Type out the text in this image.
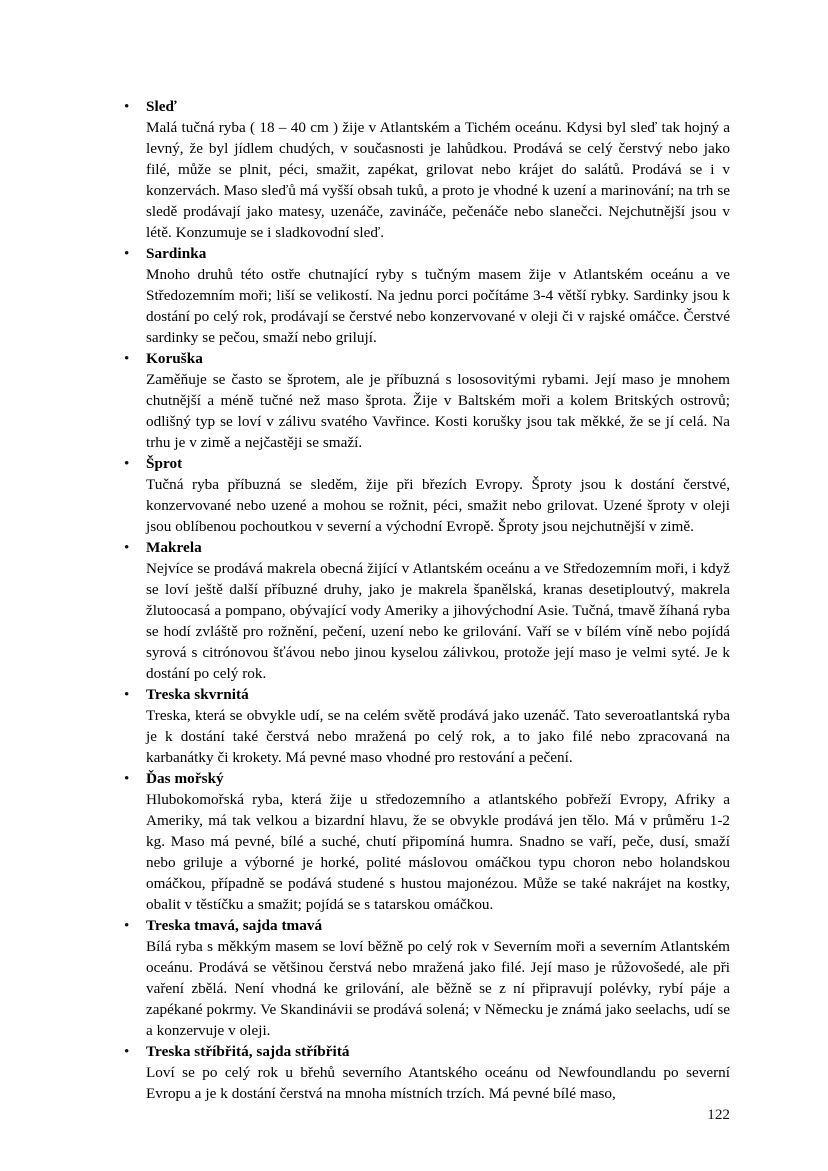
•	Sleď

Malá tučná ryba ( 18 – 40 cm ) žije v Atlantském a Tichém oceánu. Kdysi byl sleď tak hojný a levný, že byl jídlem chudých, v současnosti je lahůdkou. Prodává se celý čerstvý nebo jako filé, může se plnit, péci, smažit, zapékat, grilovat nebo krájet do salátů. Prodává se i v konzervách. Maso sleďů má vyšší obsah tuků, a proto je vhodné k uzení a marinování; na trh se sledě prodávají jako matesy, uzenáče, zavináče, pečenáče nebo slanečci. Nejchutnější jsou v létě. Konzumuje se i sladkovodní sleď.

•	Sardinka

Mnoho druhů této ostře chutnající ryby s tučným masem žije v Atlantském oceánu a ve Středozemním moři; liší se velikostí. Na jednu porci počítáme 3-4 větší rybky. Sardinky jsou k dostání po celý rok, prodávají se čerstvé nebo konzervované v oleji či v rajské omáčce. Čerstvé sardinky se pečou, smaží nebo grilují.

•	Koruška

Zaměňuje se často se šprotem, ale je příbuzná s lososovitými rybami. Její maso je mnohem chutnější a méně tučné než maso šprota. Žije v Baltském moři a kolem Britských ostrovů; odlišný typ se loví v zálivu svatého Vavřince. Kosti korušky jsou tak měkké, že se jí celá. Na trhu je v zimě a nejčastěji se smaží.

•	Šprot

Tučná ryba příbuzná se sleděm, žije při březích Evropy. Šproty jsou k dostání čerstvé, konzervované nebo uzené a mohou se rožnit, péci, smažit nebo grilovat. Uzené šproty v oleji jsou oblíbenou pochoutkou v severní a východní Evropě. Šproty jsou nejchutnější v zimě.

•	Makrela

Nejvíce se prodává makrela obecná žijící v Atlantském oceánu a ve Středozemním moři, i když se loví ještě další příbuzné druhy, jako je makrela španělská, kranas desetiploutvý, makrela žlutoocasá a pompano, obývající vody Ameriky a jihovýchodní Asie. Tučná, tmavě žíhaná ryba se hodí zvláště pro rožnění, pečení, uzení nebo ke grilování. Vaří se v bílém víně nebo pojídá syrová s citrónovou šťávou nebo jinou kyselou zálivkou, protože její maso je velmi syté. Je k dostání po celý rok.

•	Treska skvrnitá

Treska, která se obvykle udí, se na celém světě prodává jako uzenáč. Tato severoatlantská ryba je k dostání také čerstvá nebo mražená po celý rok, a to jako filé nebo zpracovaná na karbanátky či krokety. Má pevné maso vhodné pro restování a pečení.

•	Ďas mořský

Hlubokomořská ryba, která žije u středozemního a atlantského pobřeží Evropy, Afriky a Ameriky, má tak velkou a bizardní hlavu, že se obvykle prodává jen tělo. Má v průměru 1-2 kg. Maso má pevné, bílé a suché, chutí připomíná humra. Snadno se vaří, peče, dusí, smaží nebo griluje a výborné je horké, polité máslovou omáčkou typu choron nebo holandskou omáčkou, případně se podává studené s hustou majonézou. Může se také nakrájet na kostky, obalit v těstíčku a smažit; pojídá se s tatarskou omáčkou.

•	Treska tmavá, sajda tmavá

Bílá ryba s měkkým masem se loví běžně po celý rok v Severním moři a severním Atlantském oceánu. Prodává se většinou čerstvá nebo mražená jako filé. Její maso je růžovošedé, ale při vaření zbělá. Není vhodná ke grilování, ale běžně se z ní připravují polévky, rybí páje a zapékané pokrmy. Ve Skandinávii se prodává solená; v Německu je známá jako seelachs, udí se a konzervuje v oleji.

•	Treska stříbřitá, sajda stříbřitá

Loví se po celý rok u břehů severního Atantského oceánu od Newfoundlandu po severní Evropu a je k dostání čerstvá na mnoha místních trzích. Má pevné bílé maso,

122
